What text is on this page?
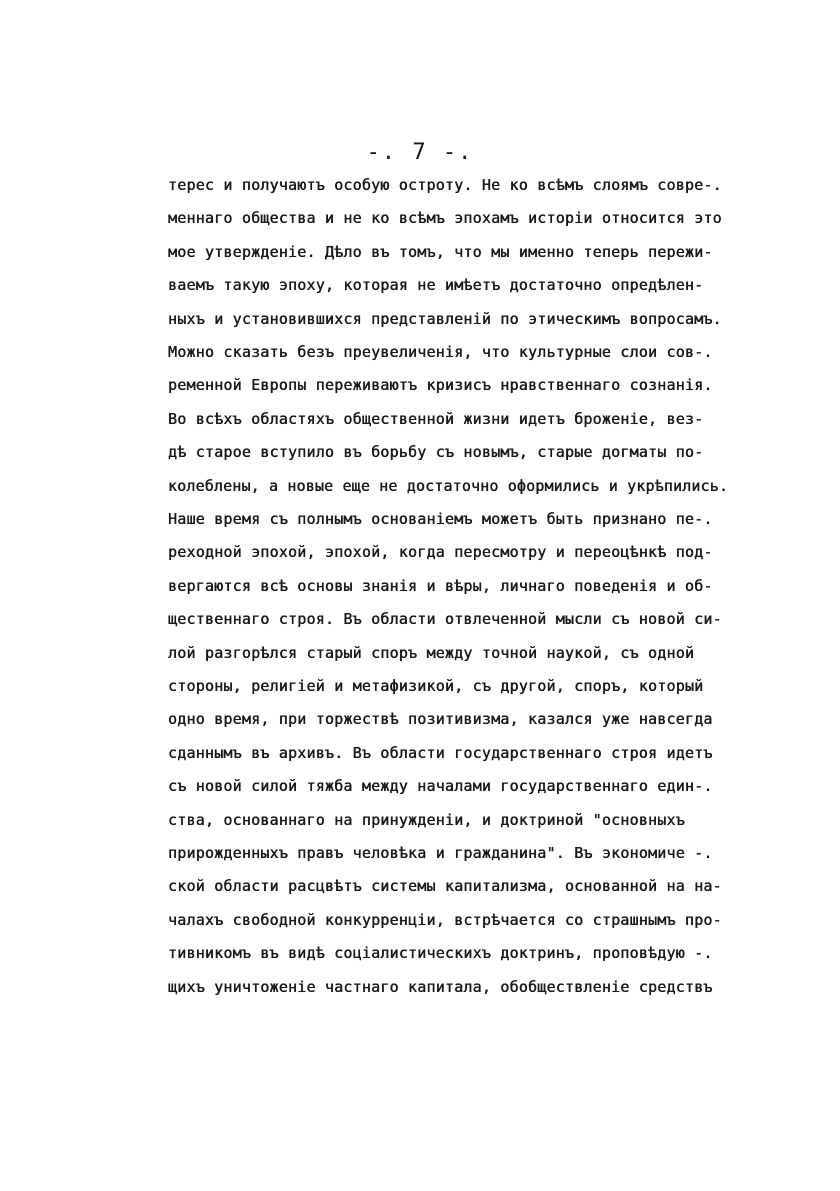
-. 7 -.
терес и получаютъ особую остроту. Не ко всѣмъ слоямъ совре-.
меннаго общества и не ко всѣмъ эпохамъ исторіи относится это
мое утвержденіе. Дѣло въ томъ, что мы именно теперь пережи-
ваемъ такую эпоху, которая не имѣетъ достаточно опредѣлен-
ныхъ и установившихся представленій по этическимъ вопросамъ.
Можно сказать безъ преувеличенія, что культурные слои сов-.
ременной Европы переживаютъ кризисъ нравственнаго сознанія.
Во всѣхъ областяхъ общественной жизни идетъ броженіе, вез-
дѣ старое вступило въ борьбу съ новымъ, старые догматы по-
колеблены, а новые еще не достаточно оформились и укрѣпились.
Наше время съ полнымъ основаніемъ можетъ быть признано пе-.
реходной эпохой, эпохой, когда пересмотру и переоцѣнкѣ под-
вергаются всѣ основы знанія и вѣры, личнаго поведенія и об-
щественнаго строя. Въ области отвлеченной мысли съ новой си-
лой разгорѣлся старый споръ между точной наукой, съ одной
стороны, религіей и метафизикой, съ другой, споръ, который
одно время, при торжествѣ позитивизма, казался уже навсегда
сданнымъ въ архивъ. Въ области государственнаго строя идетъ
съ новой силой тяжба между началами государственнаго един-.
ства, основаннаго на принужденіи, и доктриной "основныхъ
прирожденныхъ правъ человѣка и гражданина". Въ экономиче -.
ской области расцвѣтъ системы капитализма, основанной на на-
чалахъ свободной конкурренціи, встрѣчается со страшнымъ про-
тивникомъ въ видѣ соціалистическихъ доктринъ, проповѣдую -.
щихъ уничтоженіе частнаго капитала, обобществленіе средствъ
